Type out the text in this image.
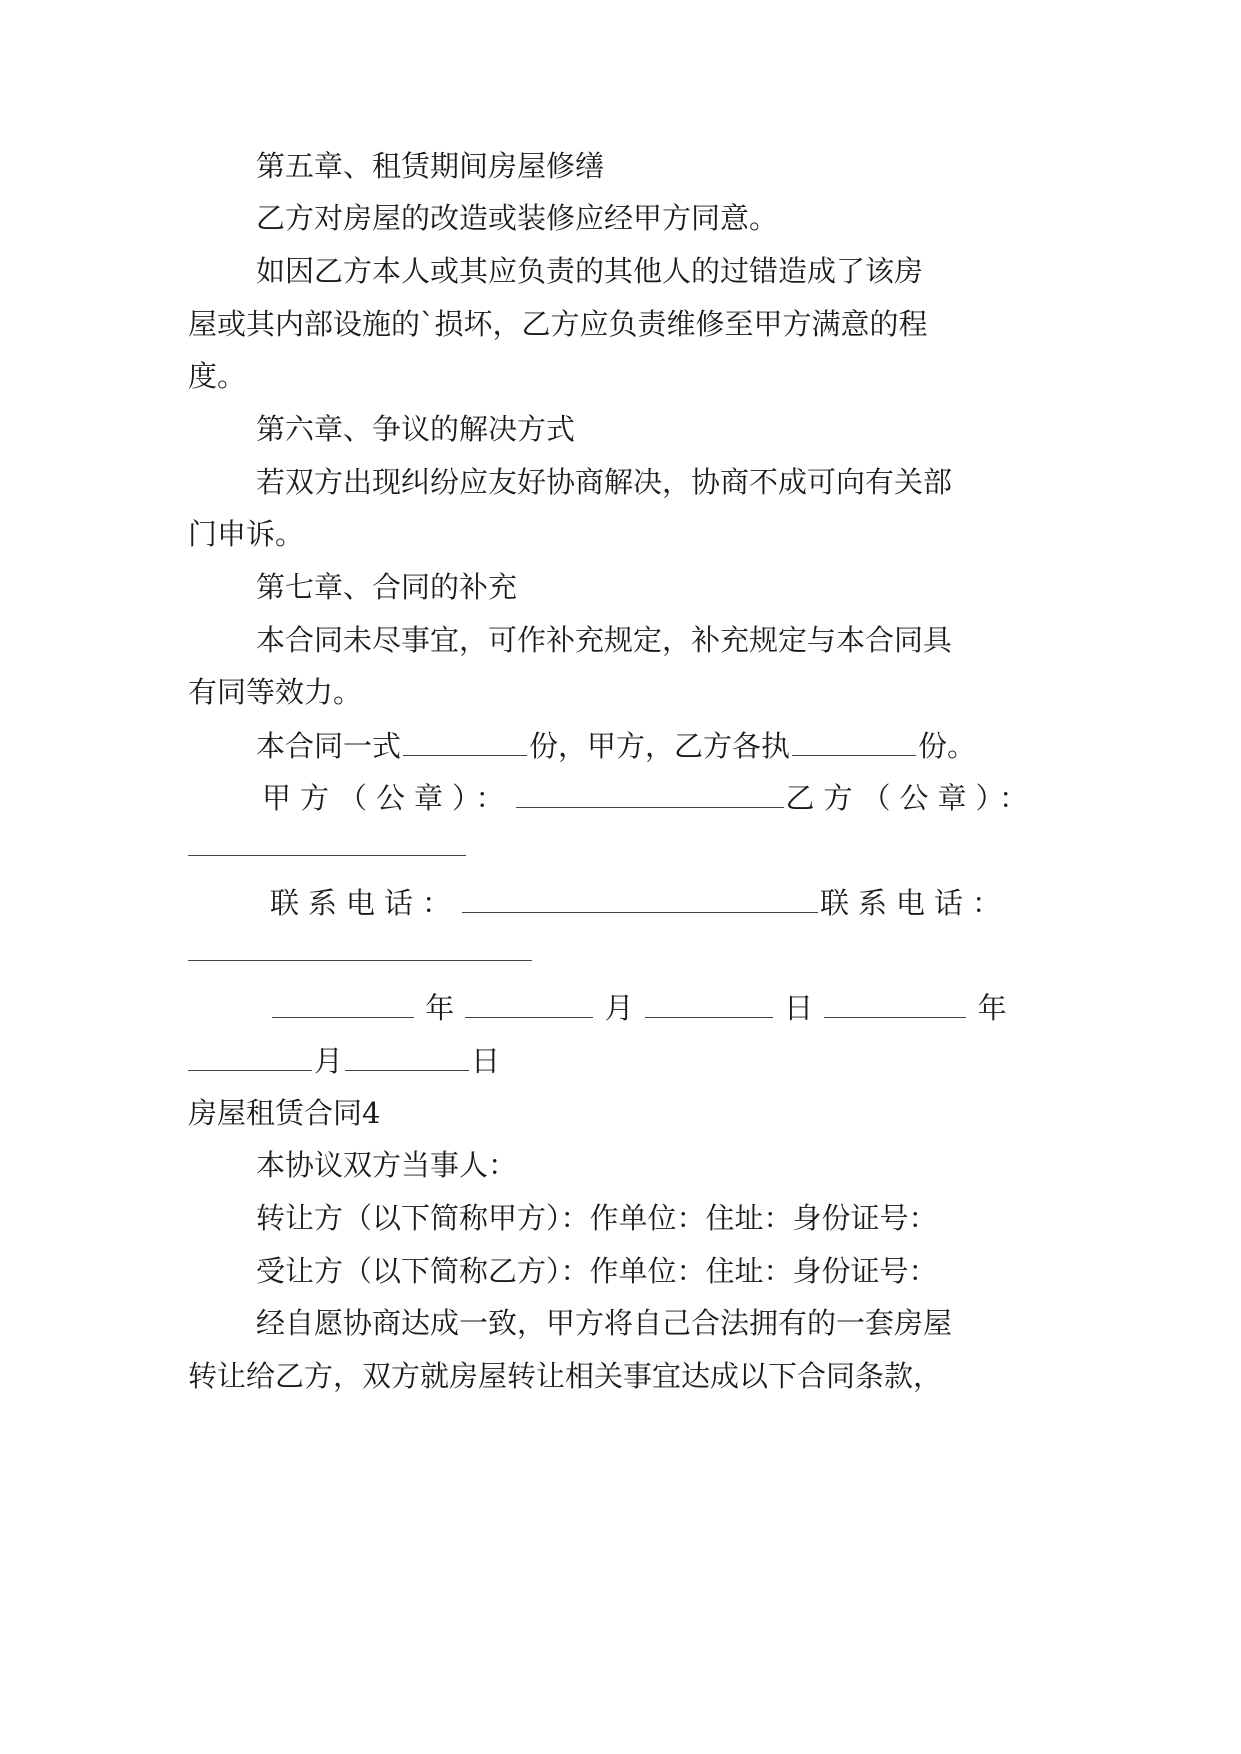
第五章、租赁期间房屋修缮
乙方对房屋的改造或装修应经甲方同意。
如因乙方本人或其应负责的其他人的过错造成了该房
屋或其内部设施的`损坏，乙方应负责维修至甲方满意的程
度。
第六章、争议的解决方式
若双方出现纠纷应友好协商解决，协商不成可向有关部
门申诉。
第七章、合同的补充
本合同未尽事宜，可作补充规定，补充规定与本合同具
有同等效力。
本合同一式	份，甲方，乙方各执	份。
甲方（公章）：	乙方（公章）：
联系电话：	联系电话：
年	月	日	年
月	日
房屋租赁合同4
本协议双方当事人：
转让方（以下简称甲方）：作单位：住址：身份证号：
受让方（以下简称乙方）：作单位：住址：身份证号：
经自愿协商达成一致，甲方将自己合法拥有的一套房屋
转让给乙方，双方就房屋转让相关事宜达成以下合同条款，
